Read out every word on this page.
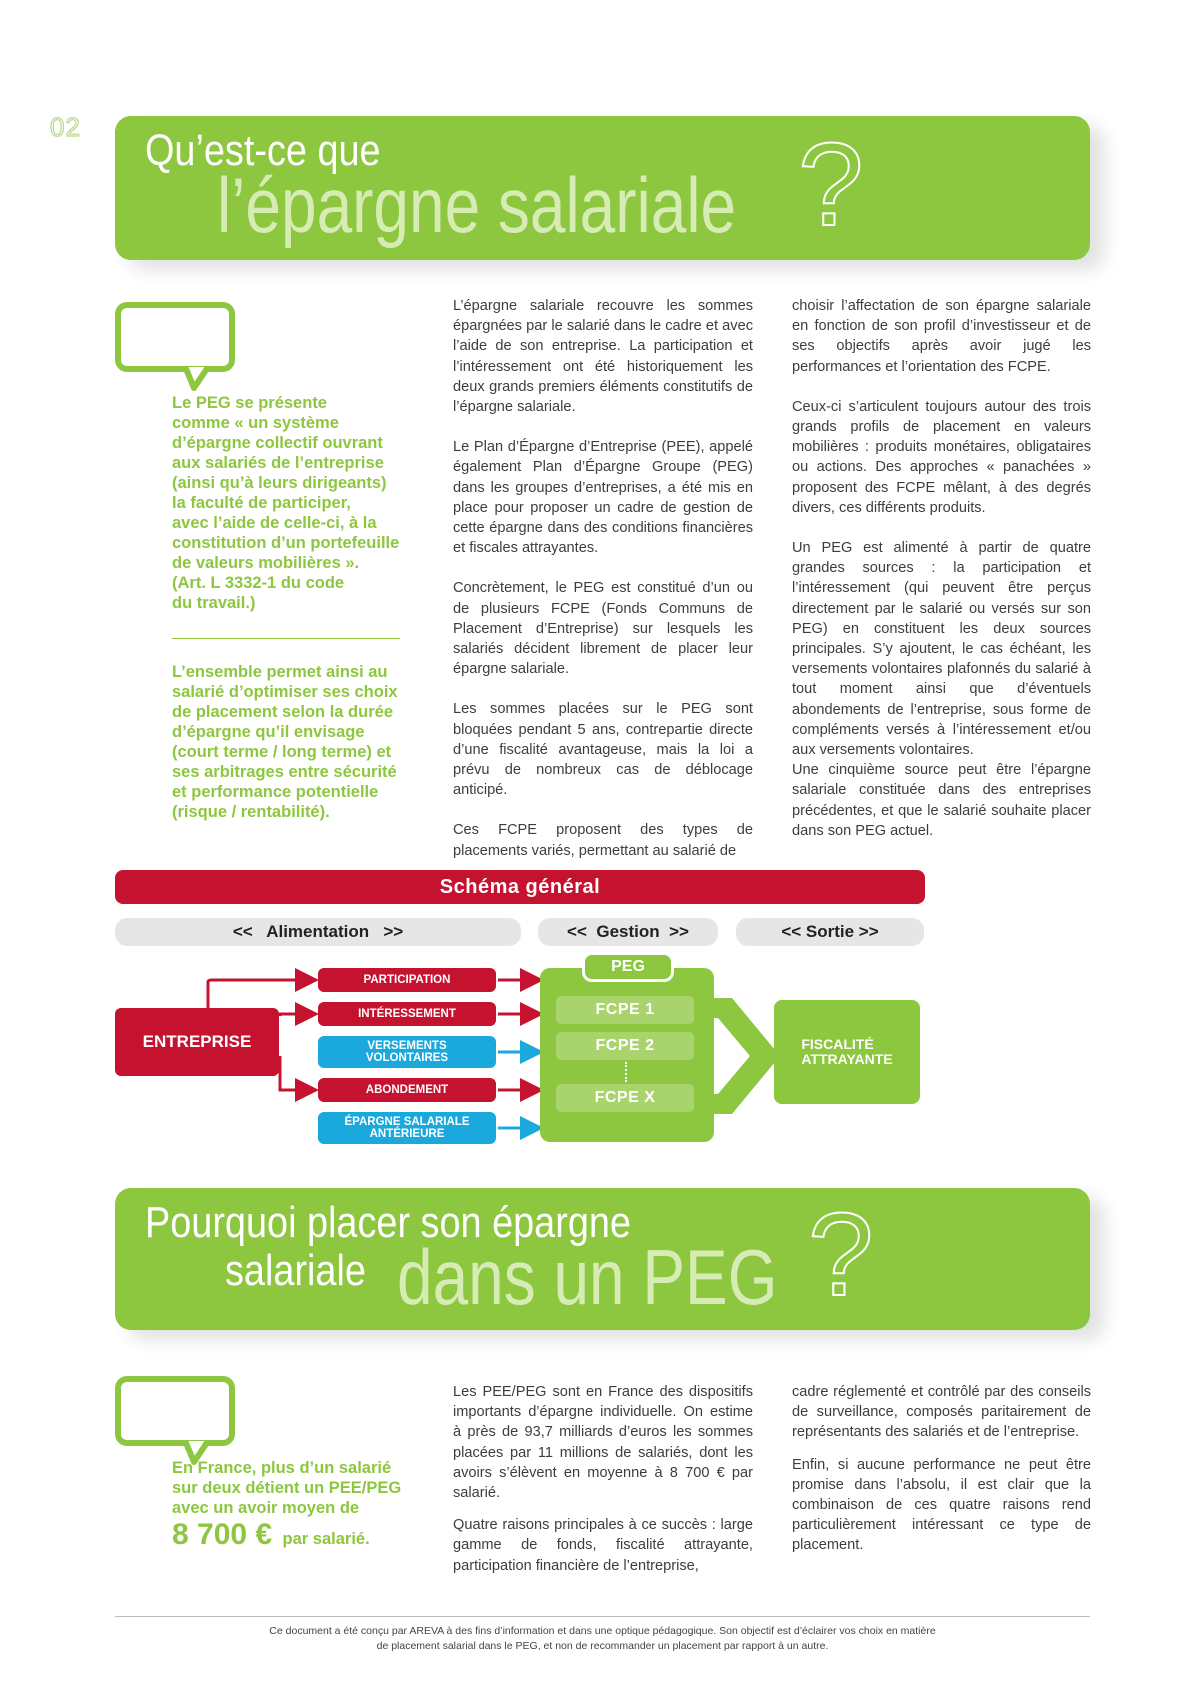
02 Qu’est-ce que
l’épargne salariale ?
Le PEG se présente
comme « un système
d’épargne collectif ouvrant
aux salariés de l’entreprise
(ainsi qu’à leurs dirigeants)
la faculté de participer,
avec l’aide de celle-ci, à la
constitution d’un portefeuille
de valeurs mobilières ».
(Art. L 3332-1 du code
du travail.)
L’ensemble permet ainsi au
salarié d’optimiser ses choix
de placement selon la durée
d’épargne qu’il envisage
(court terme / long terme) et
ses arbitrages entre sécurité
et performance potentielle
(risque / rentabilité).

L’épargne salariale recouvre les sommes épargnées par le salarié dans le cadre et avec l’aide de son entreprise. La participation et l’intéressement ont été historiquement les deux grands premiers éléments constitutifs de l’épargne salariale.

Le Plan d’Épargne d’Entreprise (PEE), appelé également Plan d’Épargne Groupe (PEG) dans les groupes d’entreprises, a été mis en place pour proposer un cadre de gestion de cette épargne dans des conditions financières et fiscales attrayantes.

Concrètement, le PEG est constitué d’un ou de plusieurs FCPE (Fonds Communs de Placement d’Entreprise) sur lesquels les salariés décident librement de placer leur épargne salariale.

Les sommes placées sur le PEG sont bloquées pendant 5 ans, contrepartie directe d’une fiscalité avantageuse, mais la loi a prévu de nombreux cas de déblocage anticipé.

Ces FCPE proposent des types de placements variés, permettant au salarié de

choisir l’affectation de son épargne salariale en fonction de son profil d’investisseur et de ses objectifs après avoir jugé les performances et l’orientation des FCPE.

Ceux-ci s’articulent toujours autour des trois grands profils de placement en valeurs mobilières : produits monétaires, obligataires ou actions. Des approches « panachées » proposent des FCPE mêlant, à des degrés divers, ces différents produits.

Un PEG est alimenté à partir de quatre grandes sources : la participation et l’intéressement (qui peuvent être perçus directement par le salarié ou versés sur son PEG) en constituent les deux sources principales. S’y ajoutent, le cas échéant, les versements volontaires plafonnés du salarié à tout moment ainsi que d’éventuels abondements de l’entreprise, sous forme de compléments versés à l’intéressement et/ou aux versements volontaires.

Une cinquième source peut être l’épargne salariale constituée dans des entreprises précédentes, et que le salarié souhaite placer dans son PEG actuel.

Schéma général
<<   Alimentation   >>	<<  Gestion  >>	<< Sortie >>
ENTREPRISE
PARTICIPATION
INTÉRESSEMENT
VERSEMENTS
VOLONTAIRES
ABONDEMENT
ÉPARGNE SALARIALE
ANTÉRIEURE
PEG
FCPE 1
FCPE 2
FCPE X
FISCALITÉ
ATTRAYANTE
Pourquoi placer son épargne
salariale dans un PEG ?
En France, plus d’un salarié
sur deux détient un PEE/PEG
avec un avoir moyen de
8 700 € par salarié.

Les PEE/PEG sont en France des dispositifs importants d’épargne individuelle. On estime à près de 93,7 milliards d’euros les sommes placées par 11 millions de salariés, dont les avoirs s’élèvent en moyenne à 8 700 € par salarié.

Quatre raisons principales à ce succès : large gamme de fonds, fiscalité attrayante, participation financière de l’entreprise,

cadre réglementé et contrôlé par des conseils de surveillance, composés paritairement de représentants des salariés et de l’entreprise.

Enfin, si aucune performance ne peut être promise dans l’absolu, il est clair que la combinaison de ces quatre raisons rend particulièrement intéressant ce type de placement.

Ce document a été conçu par AREVA à des fins d’information et dans une optique pédagogique. Son objectif est d’éclairer vos choix en matière
de placement salarial dans le PEG, et non de recommander un placement par rapport à un autre.
